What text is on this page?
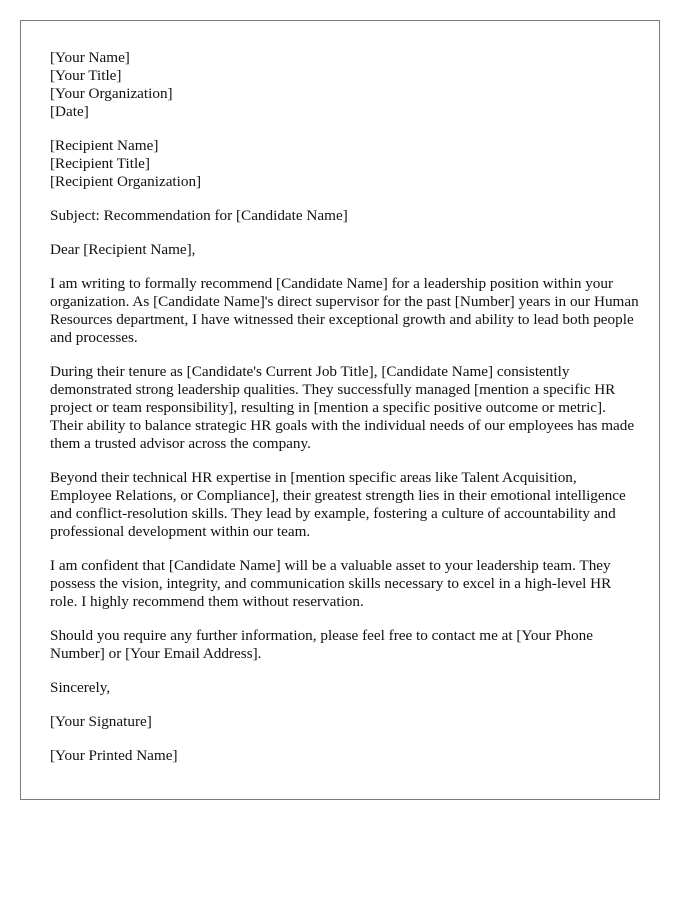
[Your Name]
[Your Title]
[Your Organization]
[Date]
[Recipient Name]
[Recipient Title]
[Recipient Organization]

Subject: Recommendation for [Candidate Name]

Dear [Recipient Name],

I am writing to formally recommend [Candidate Name] for a leadership position within your organization. As [Candidate Name]'s direct supervisor for the past [Number] years in our Human Resources department, I have witnessed their exceptional growth and ability to lead both people and processes.

During their tenure as [Candidate's Current Job Title], [Candidate Name] consistently demonstrated strong leadership qualities. They successfully managed [mention a specific HR project or team responsibility], resulting in [mention a specific positive outcome or metric]. Their ability to balance strategic HR goals with the individual needs of our employees has made them a trusted advisor across the company.

Beyond their technical HR expertise in [mention specific areas like Talent Acquisition, Employee Relations, or Compliance], their greatest strength lies in their emotional intelligence and conflict-resolution skills. They lead by example, fostering a culture of accountability and professional development within our team.

I am confident that [Candidate Name] will be a valuable asset to your leadership team. They possess the vision, integrity, and communication skills necessary to excel in a high-level HR role. I highly recommend them without reservation.

Should you require any further information, please feel free to contact me at [Your Phone Number] or [Your Email Address].

Sincerely,

[Your Signature]

[Your Printed Name]
